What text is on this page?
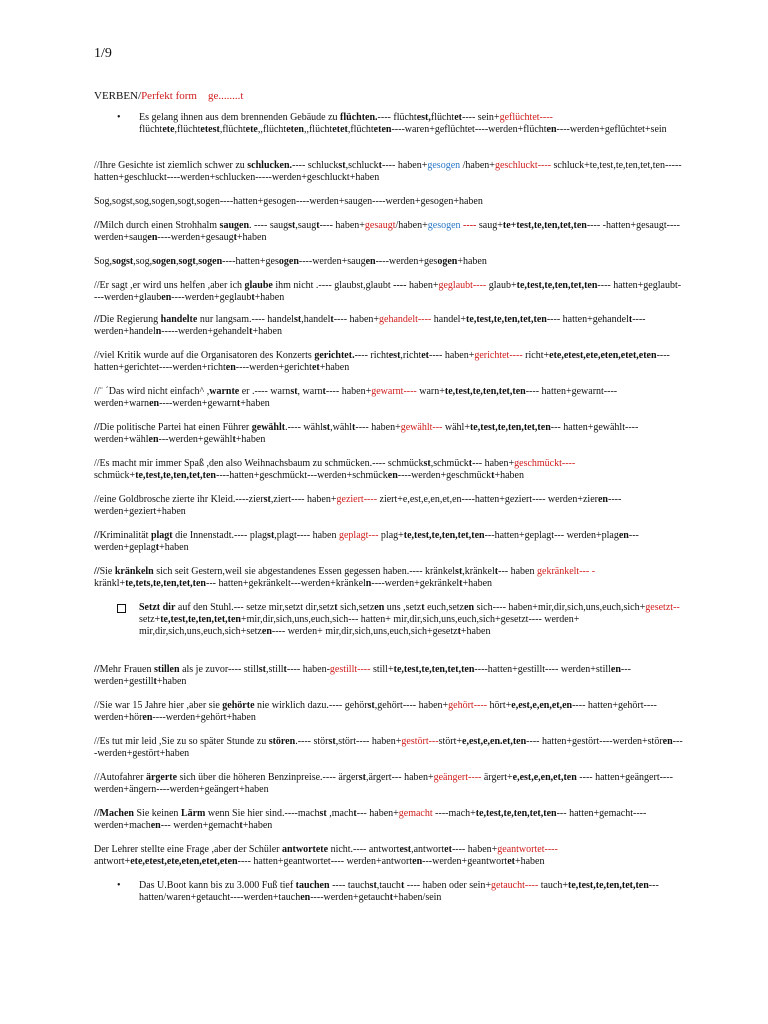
1/9
VERBEN/Perfekt form ge........t

• Es gelang ihnen aus dem brennenden Gebäude zu flüchten.---- flüchtest,flüchtet---- sein+geflüchtet---- flüchtete,flüchtetest,flüchtete,,flüchteten,,flüchtetet,flüchteten----waren+geflüchtet----werden+flüchten----werden+geflüchtet+sein

//Ihre Gesichte ist ziemlich schwer zu schlucken.---- schluckst,schluckt---- haben+gesogen /haben+geschluckt---- schluck+te,test,te,ten,tet,ten----- hatten+geschluckt----werden+schlucken-----werden+geschluckt+haben

Sog,sogst,sog,sogen,sogt,sogen----hatten+gesogen----werden+saugen----werden+gesogen+haben

//Milch durch einen Strohhalm saugen. ---- saugst,saugt---- haben+gesaugt/haben+gesogen ---- saug+te+test,te,ten,tet,ten---- -hatten+gesaugt----werden+saugen----werden+gesaugt+haben

Sog,sogst,sog,sogen,sogt,sogen----hatten+gesogen----werden+saugen----werden+gesogen+haben

//Er sagt ,er wird uns helfen ,aber ich glaube ihm nicht .---- glaubst,glaubt ---- haben+geglaubt---- glaub+te,test,te,ten,tet,ten---- hatten+geglaubt----werden+glauben----werden+geglaubt+haben

//Die Regierung handelte nur langsam.---- handelst,handelt---- haben+gehandelt---- handel+te,test,te,ten,tet,ten---- hatten+gehandelt----werden+handeln-----werden+gehandelt+haben

//viel Kritik wurde auf die Organisatoren des Konzerts gerichtet.---- richtest,richtet---- haben+gerichtet---- richt+ete,etest,ete,eten,etet,eten----hatten+gerichtet----werden+richten----werden+gerichtet+haben

//¨ ´Das wird nicht einfach^ ,warnte er .---- warnst, warnt---- haben+gewarnt---- warn+te,test,te,ten,tet,ten---- hatten+gewarnt----werden+warnen----werden+gewarnt+haben

//Die politische Partei hat einen Führer gewählt.---- wählst,wählt---- haben+gewählt--- wähl+te,test,te,ten,tet,ten--- hatten+gewählt----werden+wählen---werden+gewählt+haben

//Es macht mir immer Spaß ,den also Weihnachsbaum zu schmücken.---- schmückst,schmückt--- haben+geschmückt---- schmück+te,test,te,ten,tet,ten----hatten+geschmückt---werden+schmücken----werden+geschmückt+haben

//eine Goldbrosche zierte ihr Kleid.----zierst,ziert---- haben+geziert---- ziert+e,est,e,en,et,en----hatten+geziert---- werden+zieren----werden+geziert+haben

//Kriminalität plagt die Innenstadt.---- plagst,plagt---- haben geplagt--- plag+te,test,te,ten,tet,ten---hatten+geplagt--- werden+plagen--- werden+geplagt+haben

//Sie kränkeln sich seit Gestern,weil sie abgestandenes Essen gegessen haben.---- kränkelst,kränkelt--- haben gekränkelt--- - kränkl+te,tets,te,ten,tet,ten--- hatten+gekränkelt---werden+kränkeln----werden+gekränkelt+haben

Setzt dir auf den Stuhl.--- setze mir,setzt dir,setzt sich,setzen uns ,setzt euch,setzen sich---- haben+mir,dir,sich,uns,euch,sich+gesetzt-- setz+te,test,te,ten,tet,ten+mir,dir,sich,uns,euch,sich--- hatten+ mir,dir,sich,uns,euch,sich+gesetzt---- werden+ mir,dir,sich,uns,euch,sich+setzen---- werden+ mir,dir,sich,uns,euch,sich+gesetzt+haben

//Mehr Frauen stillen als je zuvor---- stillst,stillt---- haben-gestillt---- still+te,test,te,ten,tet,ten----hatten+gestillt---- werden+stillen---werden+gestillt+haben

//Sie war 15 Jahre hier ,aber sie gehörte nie wirklich dazu.---- gehörst,gehört---- haben+gehört---- hört+e,est,e,en,et,en---- hatten+gehört----werden+hören----werden+gehört+haben

//Es tut mir leid ,Sie zu so später Stunde zu stören.---- störst,stört---- haben+gestört---stört+e,est,e,en.et,ten---- hatten+gestört----werden+stören----werden+gestört+haben

//Autofahrer ärgerte sich über die höheren Benzinpreise.---- ärgerst,ärgert--- haben+geängert---- ärgert+e,est,e,en,et,ten ---- hatten+geängert---- werden+ängern----werden+geängert+haben

//Machen Sie keinen Lärm wenn Sie hier sind.----machst ,macht--- haben+gemacht ----mach+te,test,te,ten,tet,ten--- hatten+gemacht---- werden+machen--- werden+gemacht+haben

Der Lehrer stellte eine Frage ,aber der Schüler antwortete nicht.---- antwortest,antwortet---- haben+geantwortet---- antwort+ete,etest,ete,eten,etet,eten---- hatten+geantwortet---- werden+antworten---werden+geantwortet+haben

• Das U.Boot kann bis zu 3.000 Fuß tief tauchen ---- tauchst,taucht ---- haben oder sein+getaucht---- tauch+te,test,te,ten,tet,ten---hatten/waren+getaucht----werden+tauchen----werden+getaucht+haben/sein
